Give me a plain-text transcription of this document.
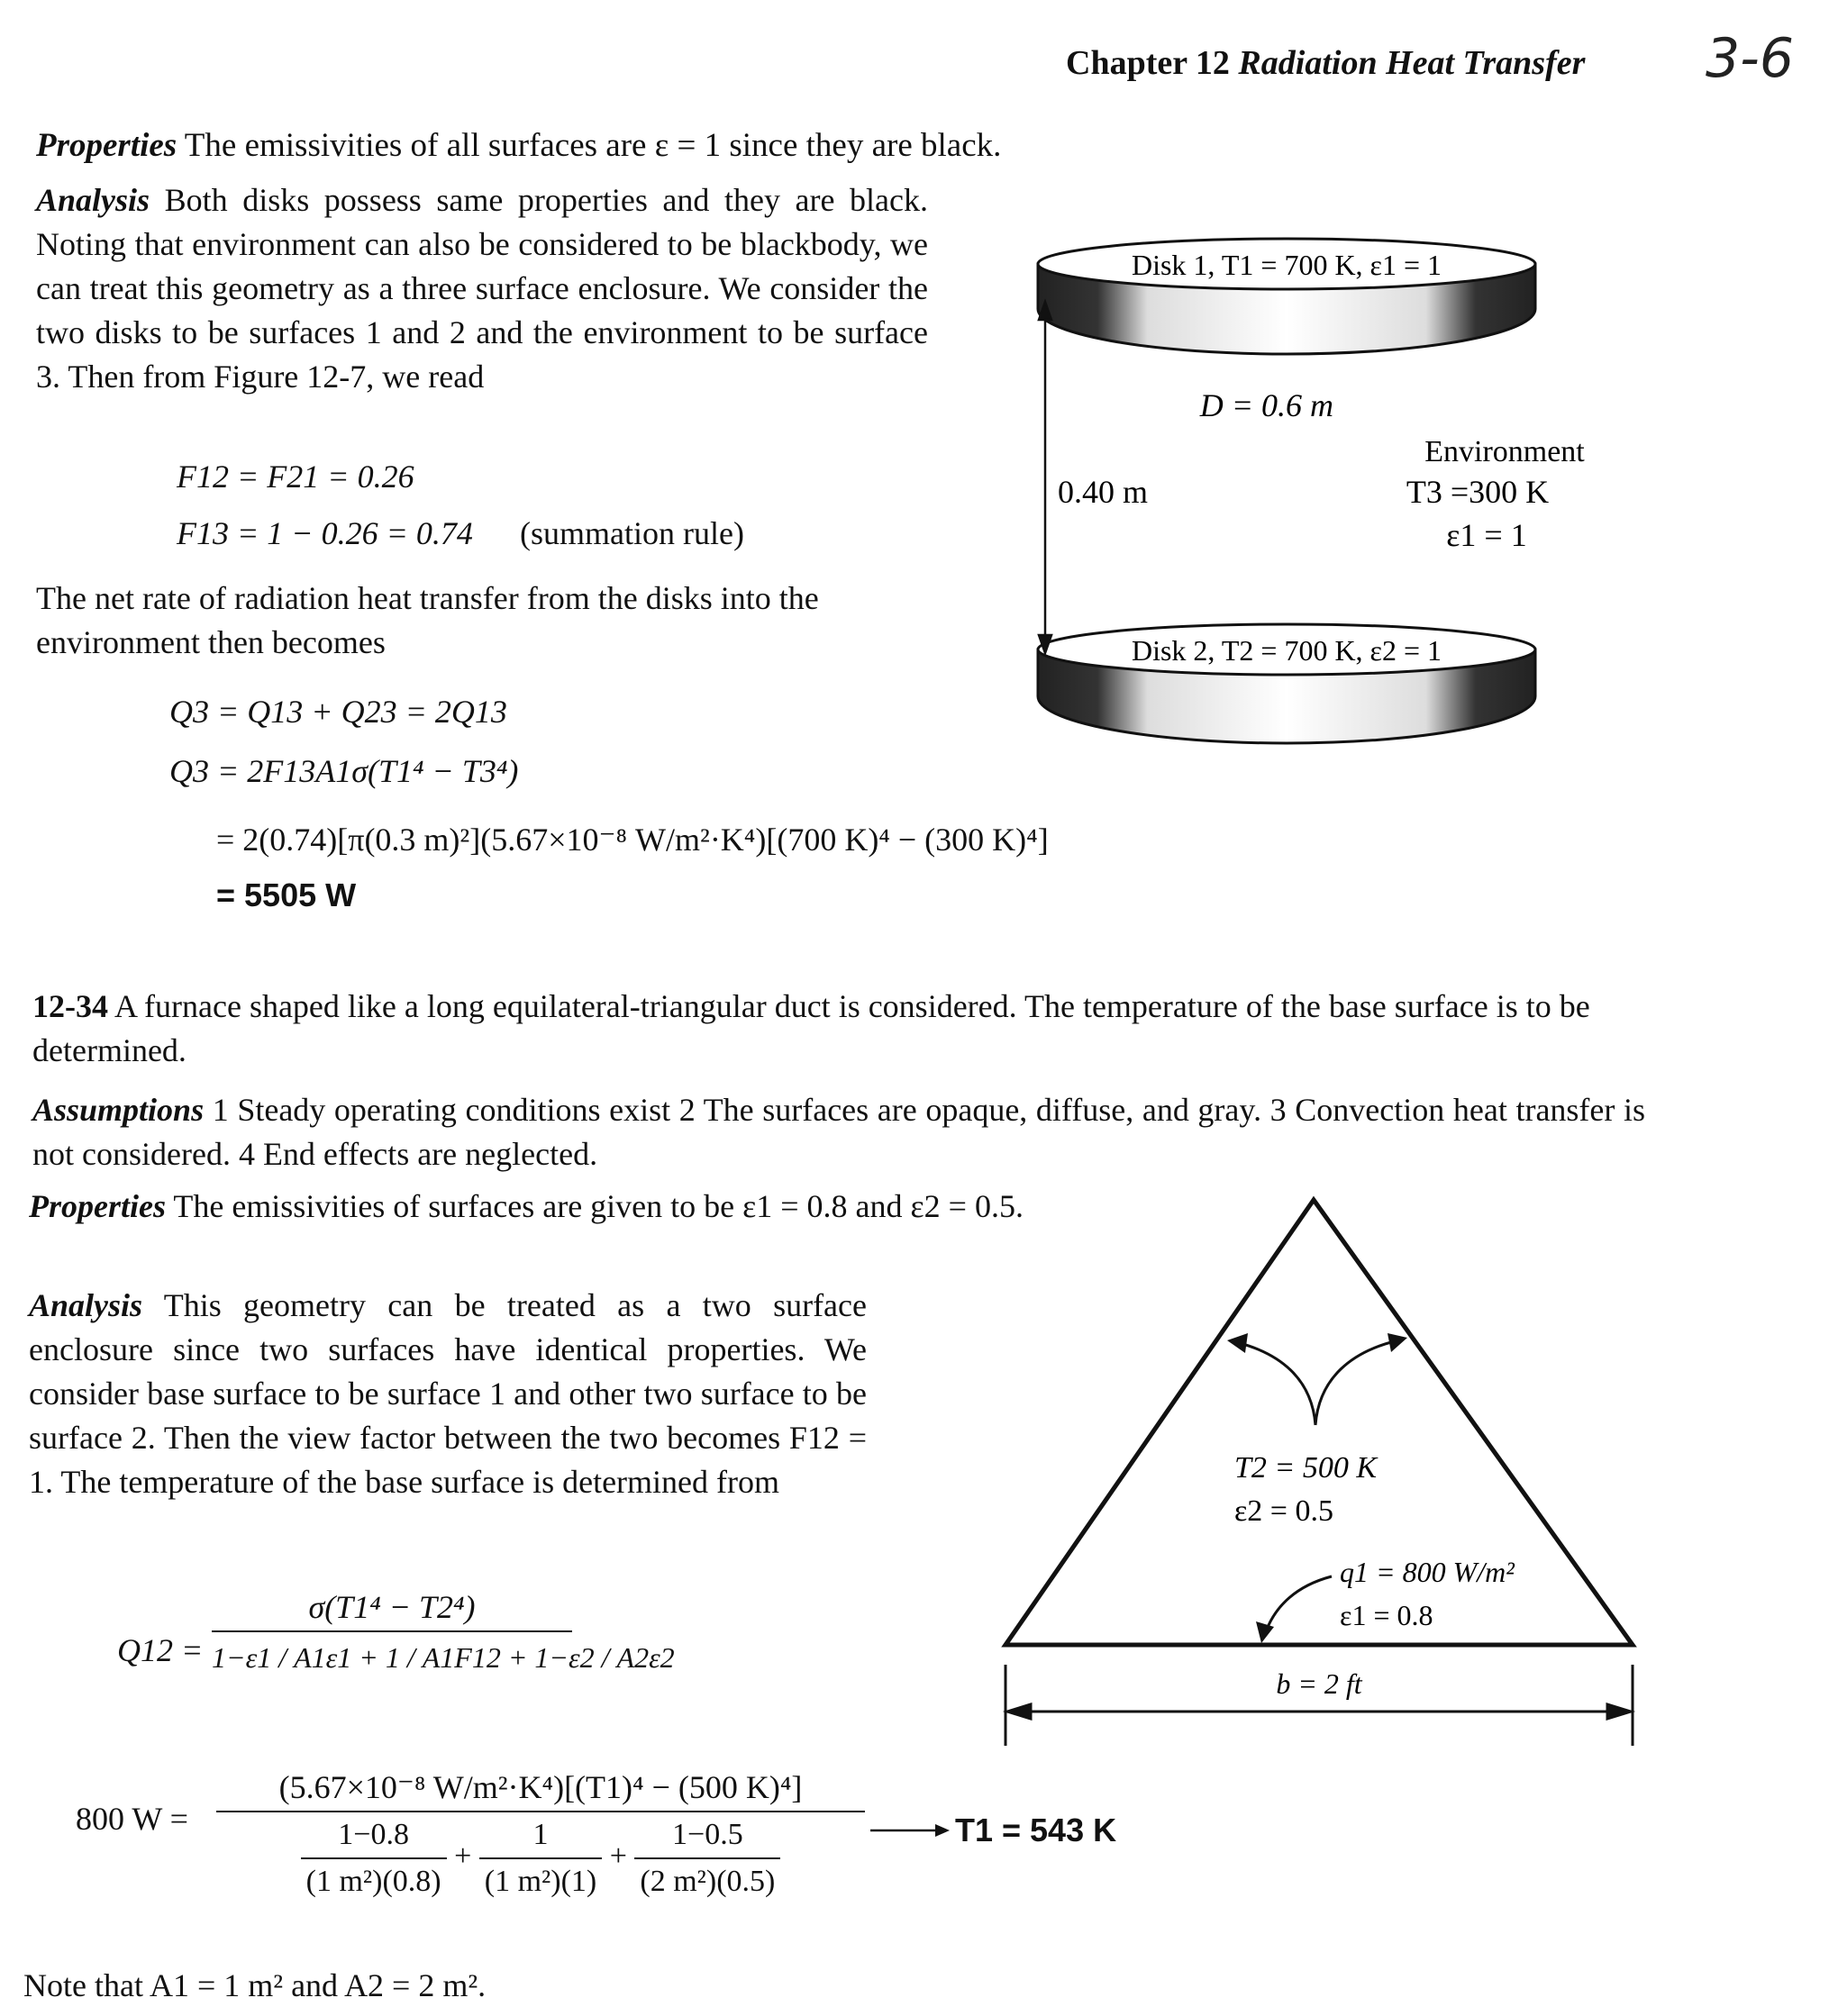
Chapter 12 Radiation Heat Transfer 3-6
Properties The emissivities of all surfaces are ε = 1 since they are black.
Analysis Both disks possess same properties and they are black. Noting that environment can also be considered to be blackbody, we can treat this geometry as a three surface enclosure. We consider the two disks to be surfaces 1 and 2 and the environment to be surface 3. Then from Figure 12-7, we read
F12 = F21 = 0.26
F13 = 1 − 0.26 = 0.74 (summation rule)
The net rate of radiation heat transfer from the disks into the environment then becomes
Q3 = Q13 + Q23 = 2Q13
Q3 = 2F13A1σ(T1⁴ − T3⁴)
= 2(0.74)[π(0.3 m)²](5.67×10⁻⁸ W/m²·K⁴)[(700 K)⁴ − (300 K)⁴]
= 5505 W
Disk 1, T1 = 700 K, ε1 = 1
Disk 2, T2 = 700 K, ε2 = 1
D = 0.6 m
0.40 m
Environment
T3 =300 K
ε1 = 1
12-34 A furnace shaped like a long equilateral-triangular duct is considered. The temperature of the base surface is to be determined.
Assumptions 1 Steady operating conditions exist 2 The surfaces are opaque, diffuse, and gray. 3 Convection heat transfer is not considered. 4 End effects are neglected.
Properties The emissivities of surfaces are given to be ε1 = 0.8 and ε2 = 0.5.
Analysis This geometry can be treated as a two surface enclosure since two surfaces have identical properties. We consider base surface to be surface 1 and other two surface to be surface 2. Then the view factor between the two becomes F12 = 1. The temperature of the base surface is determined from
$Q12 = \frac{\text{σ(T1⁴ − T2⁴)}}{1-\varepsilon 1 / A1\varepsilon 1 + 1 / A1F12 + 1-\varepsilon 2 / A2\varepsilon 2}$
800 W =
(5.67×10⁻⁸ W/m²·K⁴)[(T1)⁴ − (500 K)⁴]
$\frac{1-0.8}{\text{(1 m²)(0.8)}} + \frac{1}{\text{(1 m²)(1)}} + \frac{1-0.5}{\text{(2 m²)(0.5)}}$	T1 = 543 K
Note that A1 = 1 m² and A2 = 2 m².
T2 = 500 K
ε2 = 0.5
q1 = 800 W/m²
ε1 = 0.8
b = 2 ft
